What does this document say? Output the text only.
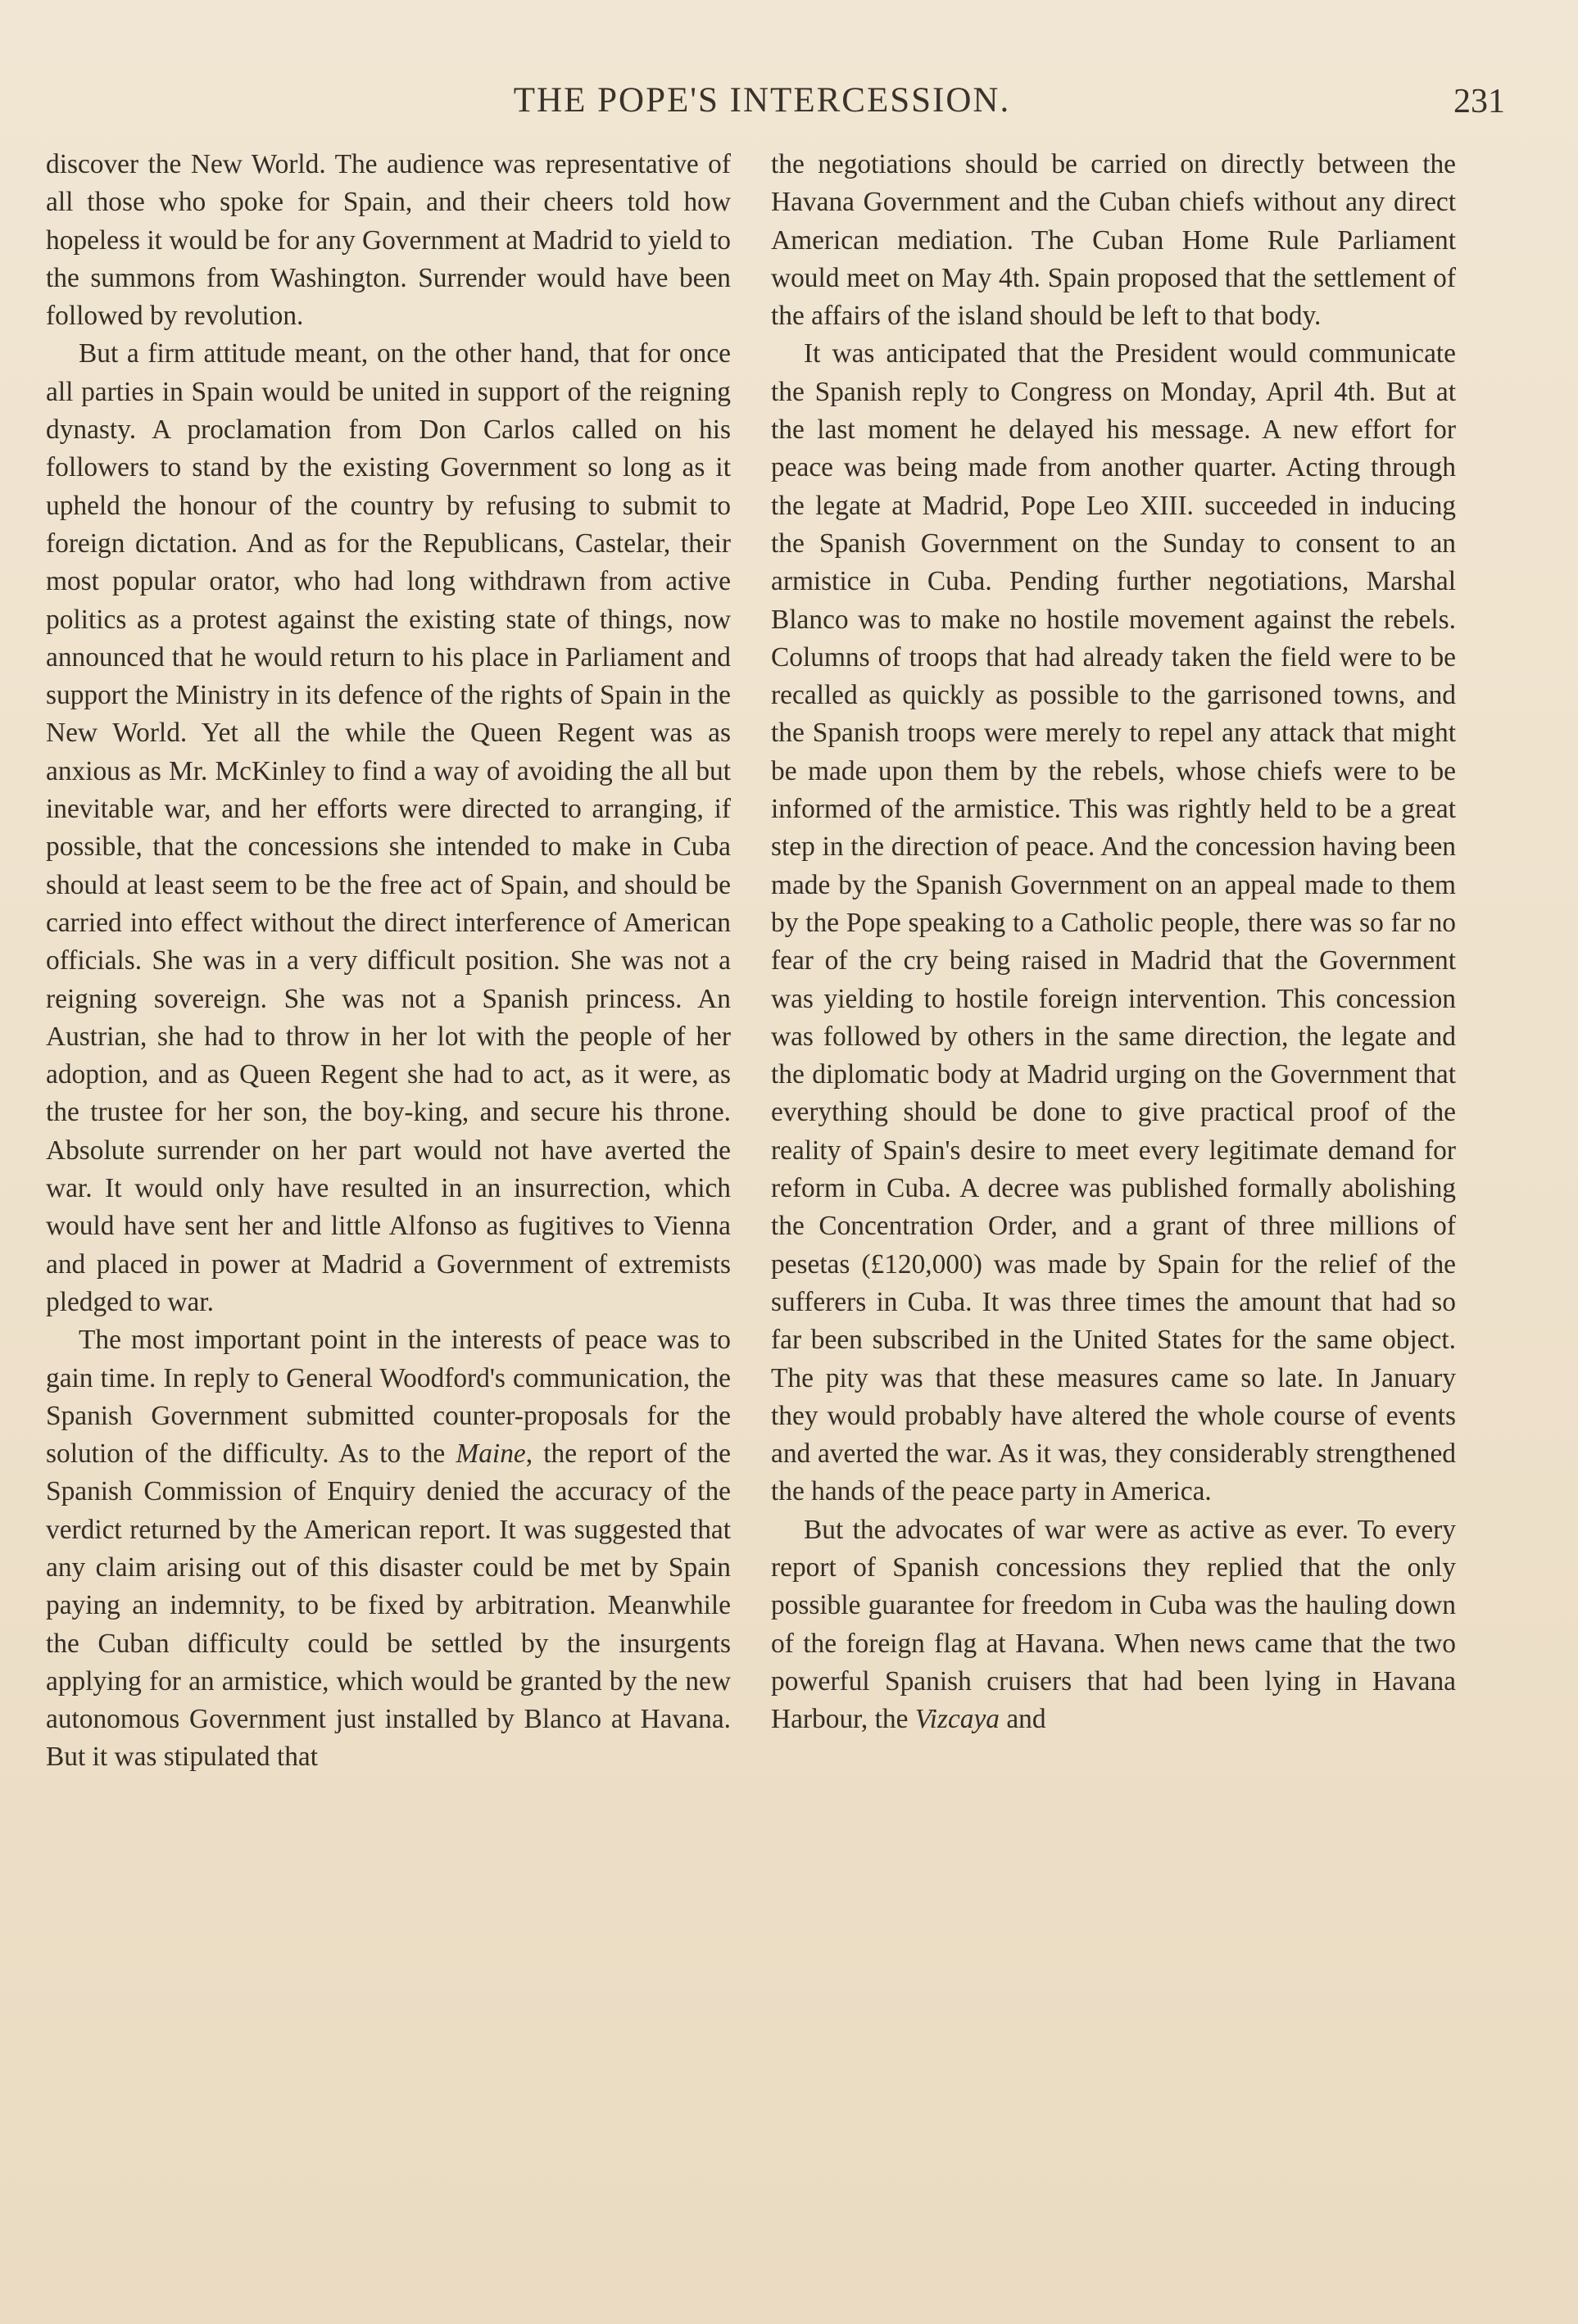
THE POPE'S INTERCESSION.	231

discover the New World. The audience was representative of all those who spoke for Spain, and their cheers told how hopeless it would be for any Government at Madrid to yield to the summons from Washington. Surrender would have been followed by revolution.

But a firm attitude meant, on the other hand, that for once all parties in Spain would be united in support of the reigning dynasty. A proclamation from Don Carlos called on his followers to stand by the existing Government so long as it upheld the honour of the country by refusing to submit to foreign dictation. And as for the Republicans, Castelar, their most popular orator, who had long withdrawn from active politics as a protest against the existing state of things, now announced that he would return to his place in Parliament and support the Ministry in its defence of the rights of Spain in the New World. Yet all the while the Queen Regent was as anxious as Mr. McKinley to find a way of avoiding the all but inevitable war, and her efforts were directed to arranging, if possible, that the concessions she intended to make in Cuba should at least seem to be the free act of Spain, and should be carried into effect without the direct interference of American officials. She was in a very difficult position. She was not a reigning sovereign. She was not a Spanish princess. An Austrian, she had to throw in her lot with the people of her adoption, and as Queen Regent she had to act, as it were, as the trustee for her son, the boy-king, and secure his throne. Absolute surrender on her part would not have averted the war. It would only have resulted in an insurrection, which would have sent her and little Alfonso as fugitives to Vienna and placed in power at Madrid a Government of extremists pledged to war.

The most important point in the interests of peace was to gain time. In reply to General Woodford's communication, the Spanish Government submitted counter-proposals for the solution of the difficulty. As to the Maine, the report of the Spanish Commission of Enquiry denied the accuracy of the verdict returned by the American report. It was suggested that any claim arising out of this disaster could be met by Spain paying an indemnity, to be fixed by arbitration. Meanwhile the Cuban difficulty could be settled by the insurgents applying for an armistice, which would be granted by the new autonomous Government just installed by Blanco at Havana. But it was stipulated that

the negotiations should be carried on directly between the Havana Government and the Cuban chiefs without any direct American mediation. The Cuban Home Rule Parliament would meet on May 4th. Spain proposed that the settlement of the affairs of the island should be left to that body.

It was anticipated that the President would communicate the Spanish reply to Congress on Monday, April 4th. But at the last moment he delayed his message. A new effort for peace was being made from another quarter. Acting through the legate at Madrid, Pope Leo XIII. succeeded in inducing the Spanish Government on the Sunday to consent to an armistice in Cuba. Pending further negotiations, Marshal Blanco was to make no hostile movement against the rebels. Columns of troops that had already taken the field were to be recalled as quickly as possible to the garrisoned towns, and the Spanish troops were merely to repel any attack that might be made upon them by the rebels, whose chiefs were to be informed of the armistice. This was rightly held to be a great step in the direction of peace. And the concession having been made by the Spanish Government on an appeal made to them by the Pope speaking to a Catholic people, there was so far no fear of the cry being raised in Madrid that the Government was yielding to hostile foreign intervention. This concession was followed by others in the same direction, the legate and the diplomatic body at Madrid urging on the Government that everything should be done to give practical proof of the reality of Spain's desire to meet every legitimate demand for reform in Cuba. A decree was published formally abolishing the Concentration Order, and a grant of three millions of pesetas (£120,000) was made by Spain for the relief of the sufferers in Cuba. It was three times the amount that had so far been subscribed in the United States for the same object. The pity was that these measures came so late. In January they would probably have altered the whole course of events and averted the war. As it was, they considerably strengthened the hands of the peace party in America.

But the advocates of war were as active as ever. To every report of Spanish concessions they replied that the only possible guarantee for freedom in Cuba was the hauling down of the foreign flag at Havana. When news came that the two powerful Spanish cruisers that had been lying in Havana Harbour, the Vizcaya and
